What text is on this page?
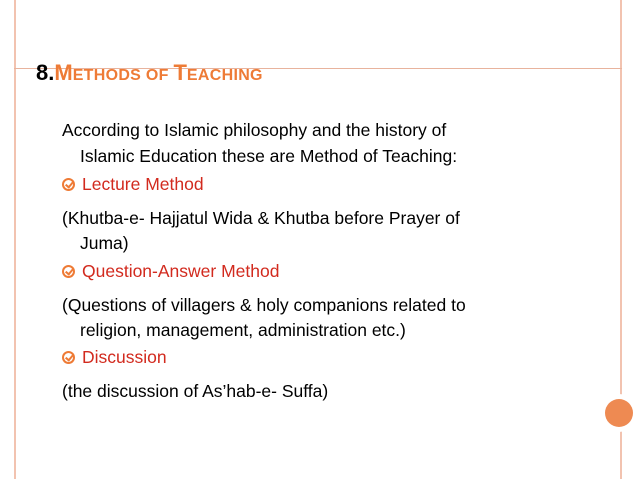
8.METHODS OF TEACHING
According to Islamic philosophy and the history of
Islamic Education these are Method of Teaching:
Lecture Method
(Khutba-e- Hajjatul Wida & Khutba before Prayer of
Juma)
Question-Answer Method
(Questions of villagers & holy companions related to
religion, management, administration etc.)
Discussion
(the discussion of As’hab-e- Suffa)
